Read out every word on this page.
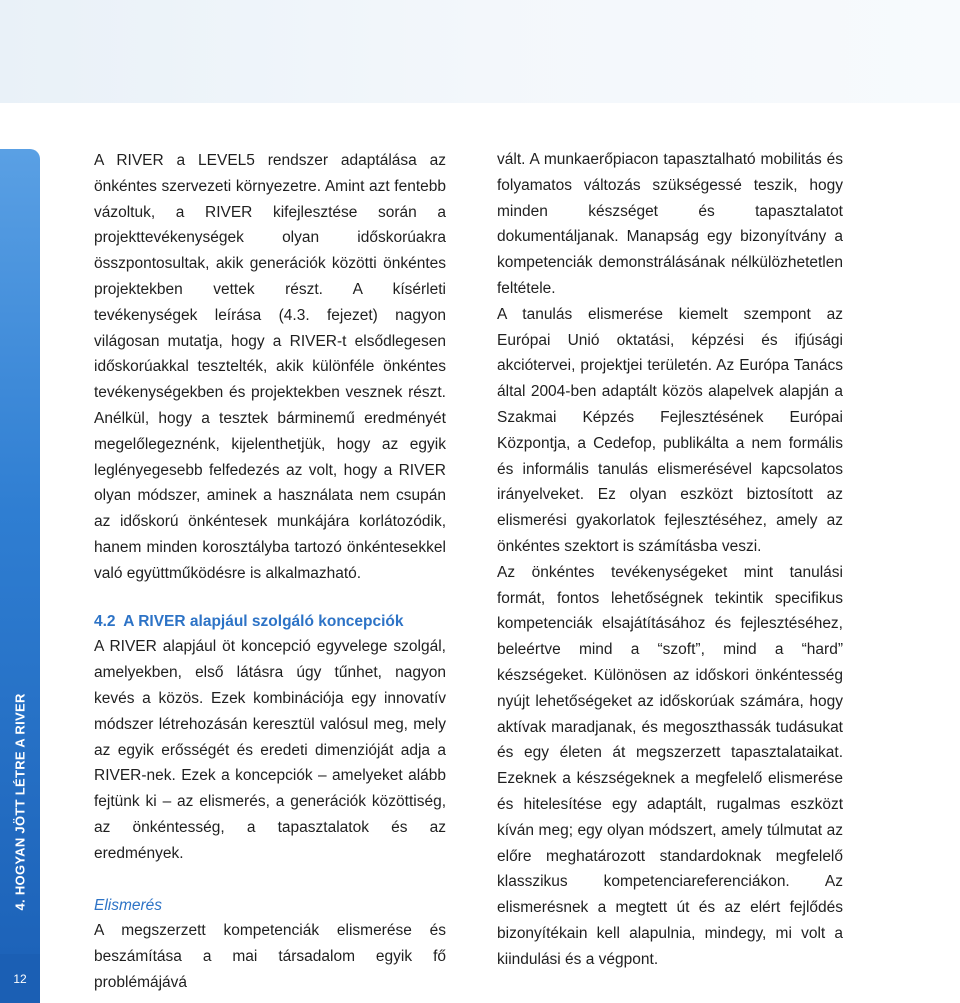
4. HOGYAN JÖTT LÉTRE A RIVER
12

A RIVER a LEVEL5 rendszer adaptálása az önkéntes szervezeti környezetre. Amint azt fentebb vázoltuk, a RIVER kifejlesztése során a projekttevékenységek olyan időskorúakra összpontosultak, akik generációk közötti önkéntes projektekben vettek részt. A kísérleti tevékenységek leírása (4.3. fejezet) nagyon világosan mutatja, hogy a RIVER-t elsődlegesen időskorúakkal tesztelték, akik különféle önkéntes tevékenységekben és projektekben vesznek részt. Anélkül, hogy a tesztek bárminemű eredményét megelőlegeznénk, kijelenthetjük, hogy az egyik leglényegesebb felfedezés az volt, hogy a RIVER olyan módszer, aminek a használata nem csupán az időskorú önkéntesek munkájára korlátozódik, hanem minden korosztályba tartozó önkéntesekkel való együttműködésre is alkalmazható.

4.2 A RIVER alapjául szolgáló koncepciók

A RIVER alapjául öt koncepció egyvelege szolgál, amelyekben, első látásra úgy tűnhet, nagyon kevés a közös. Ezek kombinációja egy innovatív módszer létrehozásán keresztül valósul meg, mely az egyik erősségét és eredeti dimenzióját adja a RIVER-nek. Ezek a koncepciók – amelyeket alább fejtünk ki – az elismerés, a generációk közöttiség, az önkéntesség, a tapasztalatok és az eredmények.

Elismerés

A megszerzett kompetenciák elismerése és beszámítása a mai társadalom egyik fő problémájává

vált. A munkaerőpiacon tapasztalható mobilitás és folyamatos változás szükségessé teszik, hogy minden készséget és tapasztalatot dokumentáljanak. Manapság egy bizonyítvány a kompetenciák demonstrálásának nélkülözhetetlen feltétele.

A tanulás elismerése kiemelt szempont az Európai Unió oktatási, képzési és ifjúsági akciótervei, projektjei területén. Az Európa Tanács által 2004-ben adaptált közös alapelvek alapján a Szakmai Képzés Fejlesztésének Európai Központja, a Cedefop, publikálta a nem formális és informális tanulás elismerésével kapcsolatos irányelveket. Ez olyan eszközt biztosított az elismerési gyakorlatok fejlesztéséhez, amely az önkéntes szektort is számításba veszi.

Az önkéntes tevékenységeket mint tanulási formát, fontos lehetőségnek tekintik specifikus kompetenciák elsajátításához és fejlesztéséhez, beleértve mind a “szoft”, mind a “hard” készségeket. Különösen az időskori önkéntesség nyújt lehetőségeket az időskorúak számára, hogy aktívak maradjanak, és megoszthassák tudásukat és egy életen át megszerzett tapasztalataikat. Ezeknek a készségeknek a megfelelő elismerése és hitelesítése egy adaptált, rugalmas eszközt kíván meg; egy olyan módszert, amely túlmutat az előre meghatározott standardoknak megfelelő klasszikus kompetenciareferenciákon. Az elismerésnek a megtett út és az elért fejlődés bizonyítékain kell alapulnia, mindegy, mi volt a kiindulási és a végpont.
